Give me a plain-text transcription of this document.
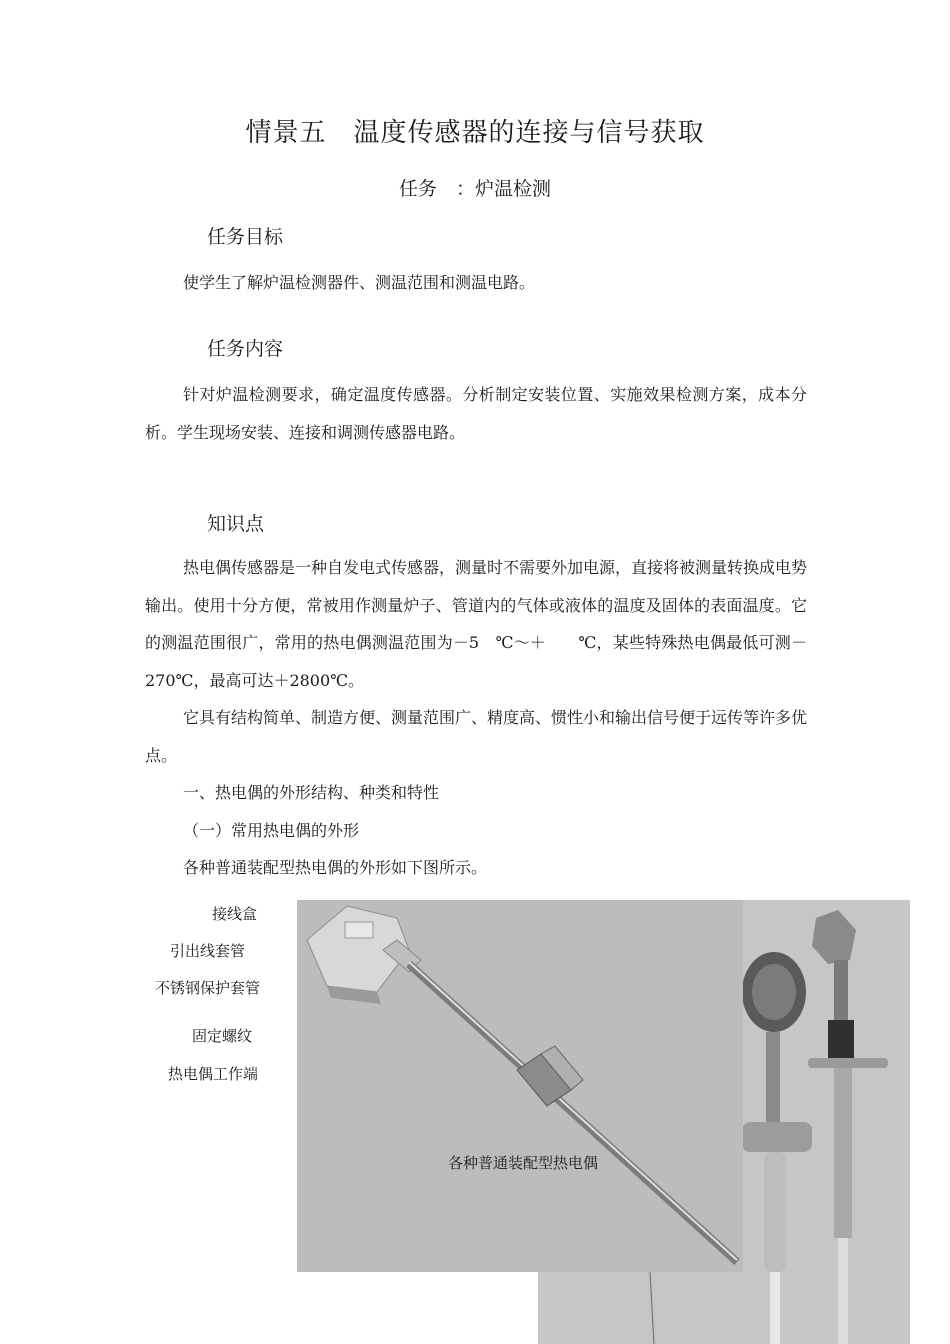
情景五　温度传感器的连接与信号获取
任务　：炉温检测
任务目标
使学生了解炉温检测器件、测温范围和测温电路。
任务内容
针对炉温检测要求，确定温度传感器。分析制定安装位置、实施效果检测方案，成本分析。学生现场安装、连接和调测传感器电路。
知识点
热电偶传感器是一种自发电式传感器，测量时不需要外加电源，直接将被测量转换成电势输出。使用十分方便，常被用作测量炉子、管道内的气体或液体的温度及固体的表面温度。它的测温范围很广，常用的热电偶测温范围为－5　℃～＋　　℃，某些特殊热电偶最低可测－270℃，最高可达＋2800℃。
它具有结构简单、制造方便、测量范围广、精度高、惯性小和输出信号便于远传等许多优点。
一、热电偶的外形结构、种类和特性
（一）常用热电偶的外形
各种普通装配型热电偶的外形如下图所示。
接线盒
引出线套管
不锈钢保护套管
固定螺纹
热电偶工作端
各种普通装配型热电偶
